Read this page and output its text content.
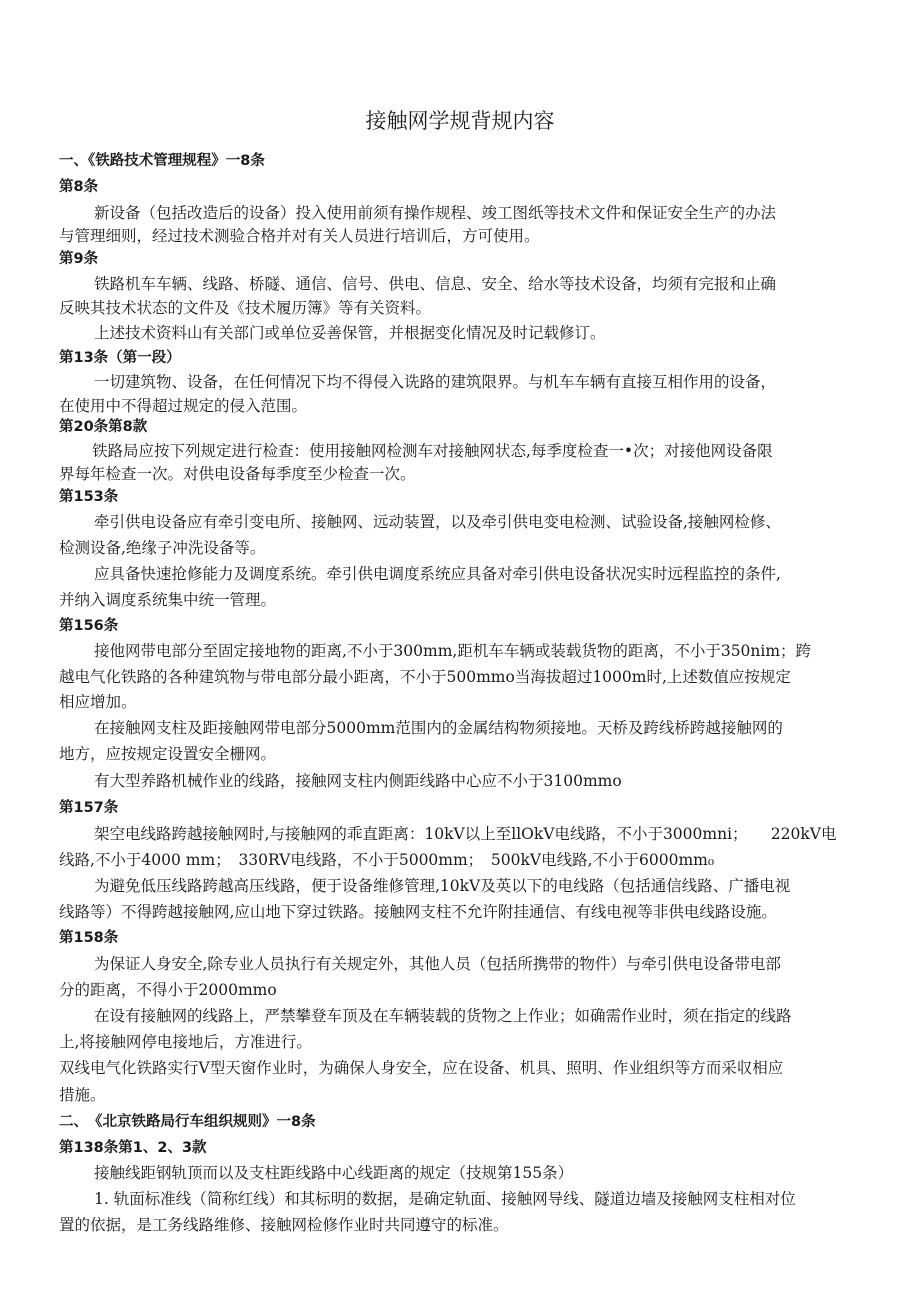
接触网学规背规内容
一、《铁路技术管理规程》一8条
第8条
新设备（包括改造后的设备）投入使用前须有操作规程、竣工图纸等技术文件和保证安全生产的办法
与管理细则，经过技术测验合格并对有关人员进行培训后，方可使用。
第9条
铁路机车车辆、线路、桥隧、通信、信号、供电、信息、安全、给水等技术设备，均须有完报和止确
反映其技术状态的文件及《技术履历簿》等有关资料。
上述技术资料山有关部门或单位妥善保管，并根据变化情况及时记载修订。
第13条（第一段）
一切建筑物、设备，在任何情况下均不得侵入诜路的建筑限界。与机车车辆有直接互相作用的设备，
在使用中不得超过规定的侵入范围。
第20条第8款
铁路局应按下列规定进行检查：使用接触网检测车对接触网状态,每季度检查一•次；对接他网设备限
界每年检查一次。对供电设备每季度至少检查一次。
第153条
牵引供电设备应有牵引变电所、接触网、远动装置，以及牵引供电变电检测、试验设备,接触网检修、
检测设备,绝缘子冲洗设备等。
应具备快速抢修能力及调度系统。牵引供电调度系统应具备对牵引供电设备状况实时远程监控的条件,
并纳入调度系统集中统一管理。
第156条
接他网带电部分至固定接地物的距离,不小于300mm,距机车车辆或装载货物的距离，不小于350nim；跨
越电气化铁路的各种建筑物与带电部分最小距离，不小于500mmo当海拔超过1000m时,上述数值应按规定
相应增加。
在接触网支柱及距接触网带电部分5000mm范围内的金属结构物须接地。天桥及跨线桥跨越接触网的
地方，应按规定设置安全栅网。
有大型养路机械作业的线路，接触网支柱内侧距线路中心应不小于3100mmo
第157条
架空电线路跨越接触网时,与接触网的乖直距离：10kV以上至llOkV电线路，不小于3000mni；　　220kV电
线路,不小于4000 mm；　330RV电线路，不小于5000mm；　500kV电线路,不小于6000mm₀
为避免低压线路跨越高压线路，便于设备维修管理,10kV及英以下的电线路（包括通信线路、广播电视
线路等）不得跨越接触网,应山地下穿过铁路。接触网支柱不允许附挂通信、有线电视等非供电线路设施。
第158条
为保证人身安全,除专业人员执行有关规定外，其他人员（包括所携带的物件）与牵引供电设备带电部
分的距离，不得小于2000mmo
在设有接触网的线路上，严禁攀登车顶及在车辆装载的货物之上作业；如确需作业时，须在指定的线路
上,将接触网停电接地后，方准进行。
双线电气化铁路实行V型天窗作业时，为确保人身安全，应在设备、机具、照明、作业组织等方而采収相应
措施。
二、　《北京铁路局行车组织规则》一8条
第138条第1、2、3款
接触线距钢轨顶而以及支柱距线路中心线距离的规定（技规第155条）
1. 轨面标准线（简称红线）和其标明的数据，是确定轨面、接触网导线、隧道边墙及接触网支柱相对位
置的依据，是工务线路维修、接触网检修作业时共同遵守的标准。
